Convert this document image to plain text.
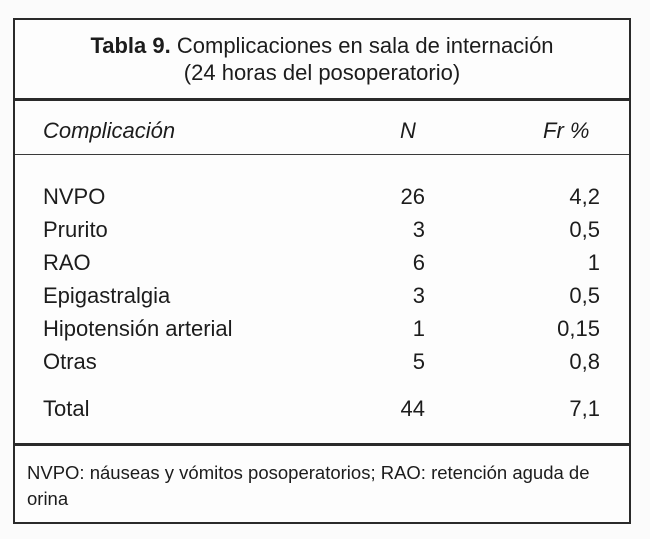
Tabla 9. Complicaciones en sala de internación
(24 horas del posoperatorio)
Complicación	N	Fr %
NVPO	26	4,2
Prurito	3	0,5
RAO	6	1
Epigastralgia	3	0,5
Hipotensión arterial	1	0,15
Otras	5	0,8
Total	44	7,1
NVPO: náuseas y vómitos posoperatorios; RAO: retención aguda de orina
